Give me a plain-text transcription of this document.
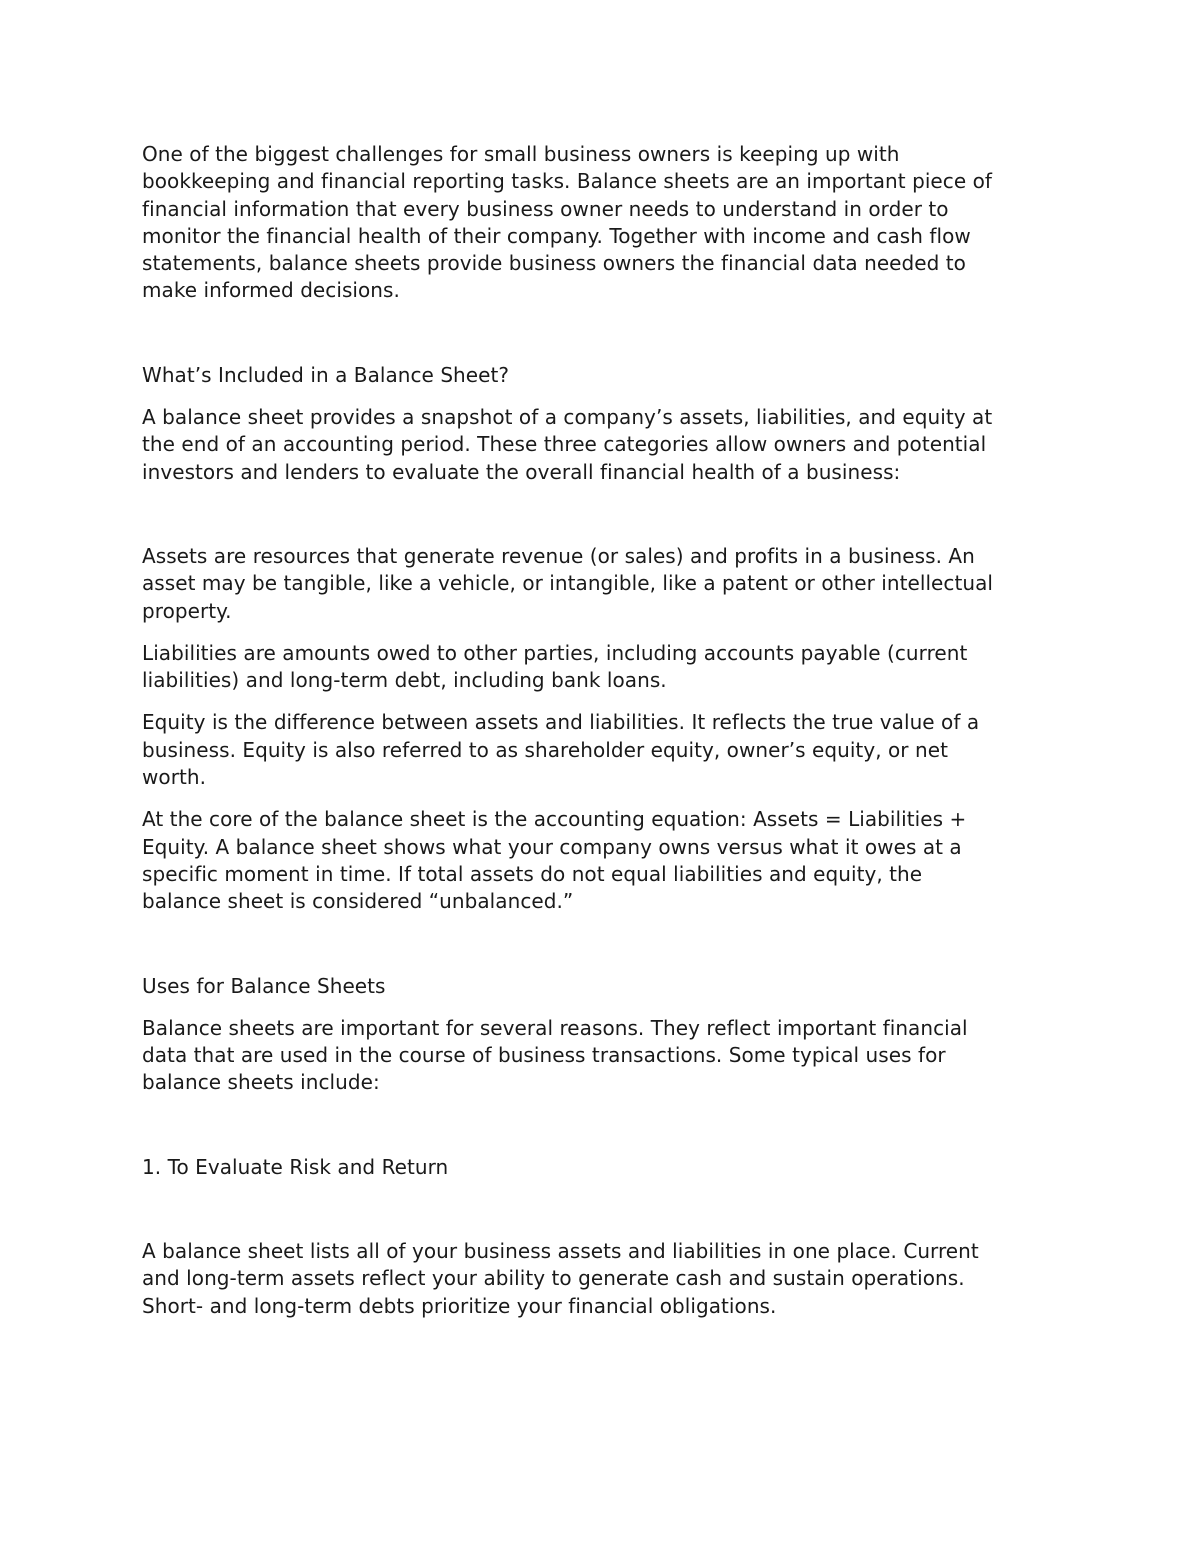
One of the biggest challenges for small business owners is keeping up with
bookkeeping and financial reporting tasks. Balance sheets are an important piece of
financial information that every business owner needs to understand in order to
monitor the financial health of their company. Together with income and cash flow
statements, balance sheets provide business owners the financial data needed to
make informed decisions.

What’s Included in a Balance Sheet?

A balance sheet provides a snapshot of a company’s assets, liabilities, and equity at
the end of an accounting period. These three categories allow owners and potential
investors and lenders to evaluate the overall financial health of a business:

Assets are resources that generate revenue (or sales) and profits in a business. An
asset may be tangible, like a vehicle, or intangible, like a patent or other intellectual
property.

Liabilities are amounts owed to other parties, including accounts payable (current
liabilities) and long-term debt, including bank loans.

Equity is the difference between assets and liabilities. It reflects the true value of a
business. Equity is also referred to as shareholder equity, owner’s equity, or net
worth.

At the core of the balance sheet is the accounting equation: Assets = Liabilities +
Equity. A balance sheet shows what your company owns versus what it owes at a
specific moment in time. If total assets do not equal liabilities and equity, the
balance sheet is considered “unbalanced.”

Uses for Balance Sheets

Balance sheets are important for several reasons. They reflect important financial
data that are used in the course of business transactions. Some typical uses for
balance sheets include:

1. To Evaluate Risk and Return

A balance sheet lists all of your business assets and liabilities in one place. Current
and long-term assets reflect your ability to generate cash and sustain operations.
Short- and long-term debts prioritize your financial obligations.
